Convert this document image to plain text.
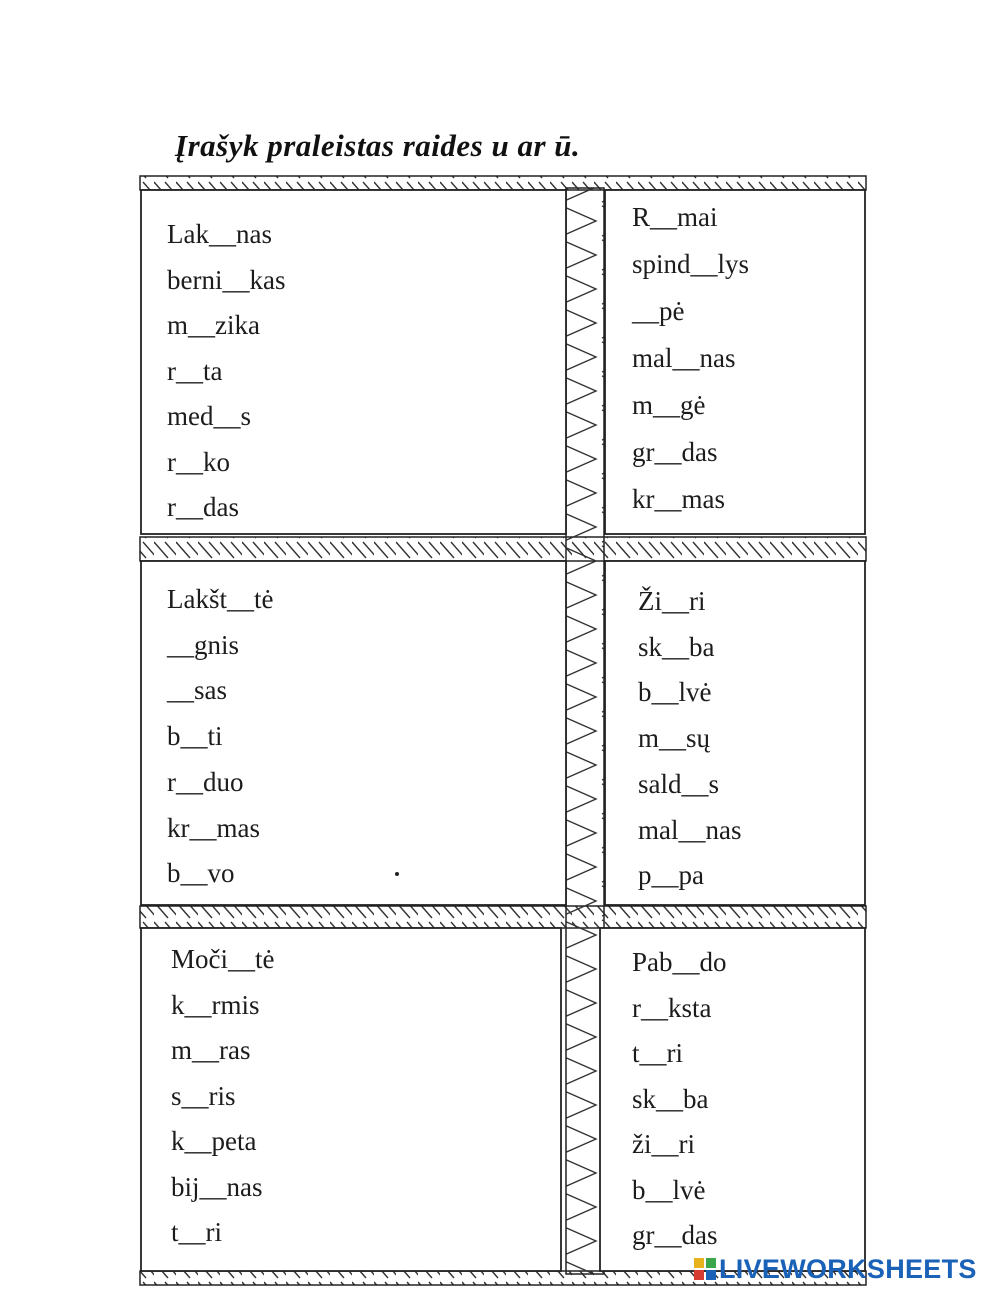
Įrašyk praleistas raides u ar ū.
Lak__nas
berni__kas
m__zika
r__ta
med__s
r__ko
r__das
R__mai
spind__lys
__pė
mal__nas
m__gė
gr__das
kr__mas
Lakšt__tė
__gnis
__sas
b__ti
r__duo
kr__mas
b__vo
Ži__ri
sk__ba
b__lvė
m__sų
sald__s
mal__nas
p__pa
Moči__tė
k__rmis
m__ras
s__ris
k__peta
bij__nas
t__ri
Pab__do
r__ksta
t__ri
sk__ba
ži__ri
b__lvė
gr__das
LIVEWORKSHEETS
